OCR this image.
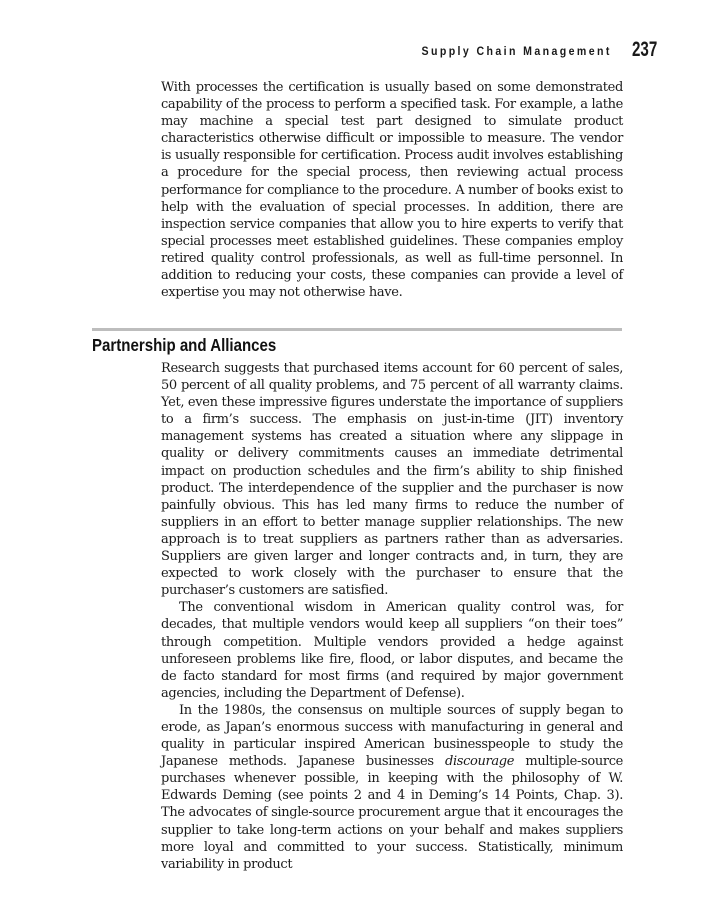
Supply Chain Management 237

With processes the certification is usually based on some demonstrated capability of the process to perform a specified task. For example, a lathe may machine a special test part designed to simulate product characteristics otherwise difficult or impossible to measure. The vendor is usually responsible for certification. Process audit involves establishing a procedure for the special process, then reviewing actual process performance for compliance to the procedure. A number of books exist to help with the evaluation of special processes. In addition, there are inspection service companies that allow you to hire experts to verify that special processes meet established guidelines. These companies employ retired quality control professionals, as well as full-time personnel. In addition to reducing your costs, these companies can provide a level of expertise you may not otherwise have.

Partnership and Alliances

Research suggests that purchased items account for 60 percent of sales, 50 percent of all quality problems, and 75 percent of all warranty claims. Yet, even these impressive figures understate the importance of suppliers to a firm’s success. The emphasis on just-in-time (JIT) inventory management systems has created a situation where any slippage in quality or delivery commitments causes an immediate detrimental impact on production schedules and the firm’s ability to ship finished product. The interdependence of the supplier and the purchaser is now painfully obvious. This has led many firms to reduce the number of suppliers in an effort to better manage supplier relationships. The new approach is to treat suppliers as partners rather than as adversaries. Suppliers are given larger and longer contracts and, in turn, they are expected to work closely with the purchaser to ensure that the purchaser’s customers are satisfied.

The conventional wisdom in American quality control was, for decades, that multiple vendors would keep all suppliers “on their toes” through competition. Multiple vendors provided a hedge against unforeseen problems like fire, flood, or labor disputes, and became the de facto standard for most firms (and required by major government agencies, including the Department of Defense).

In the 1980s, the consensus on multiple sources of supply began to erode, as Japan’s enormous success with manufacturing in general and quality in particular inspired American businesspeople to study the Japanese methods. Japanese businesses discourage multiple-source purchases whenever possible, in keeping with the philosophy of W. Edwards Deming (see points 2 and 4 in Deming’s 14 Points, Chap. 3). The advocates of single-source procurement argue that it encourages the supplier to take long-term actions on your behalf and makes suppliers more loyal and committed to your success. Statistically, minimum variability in product
